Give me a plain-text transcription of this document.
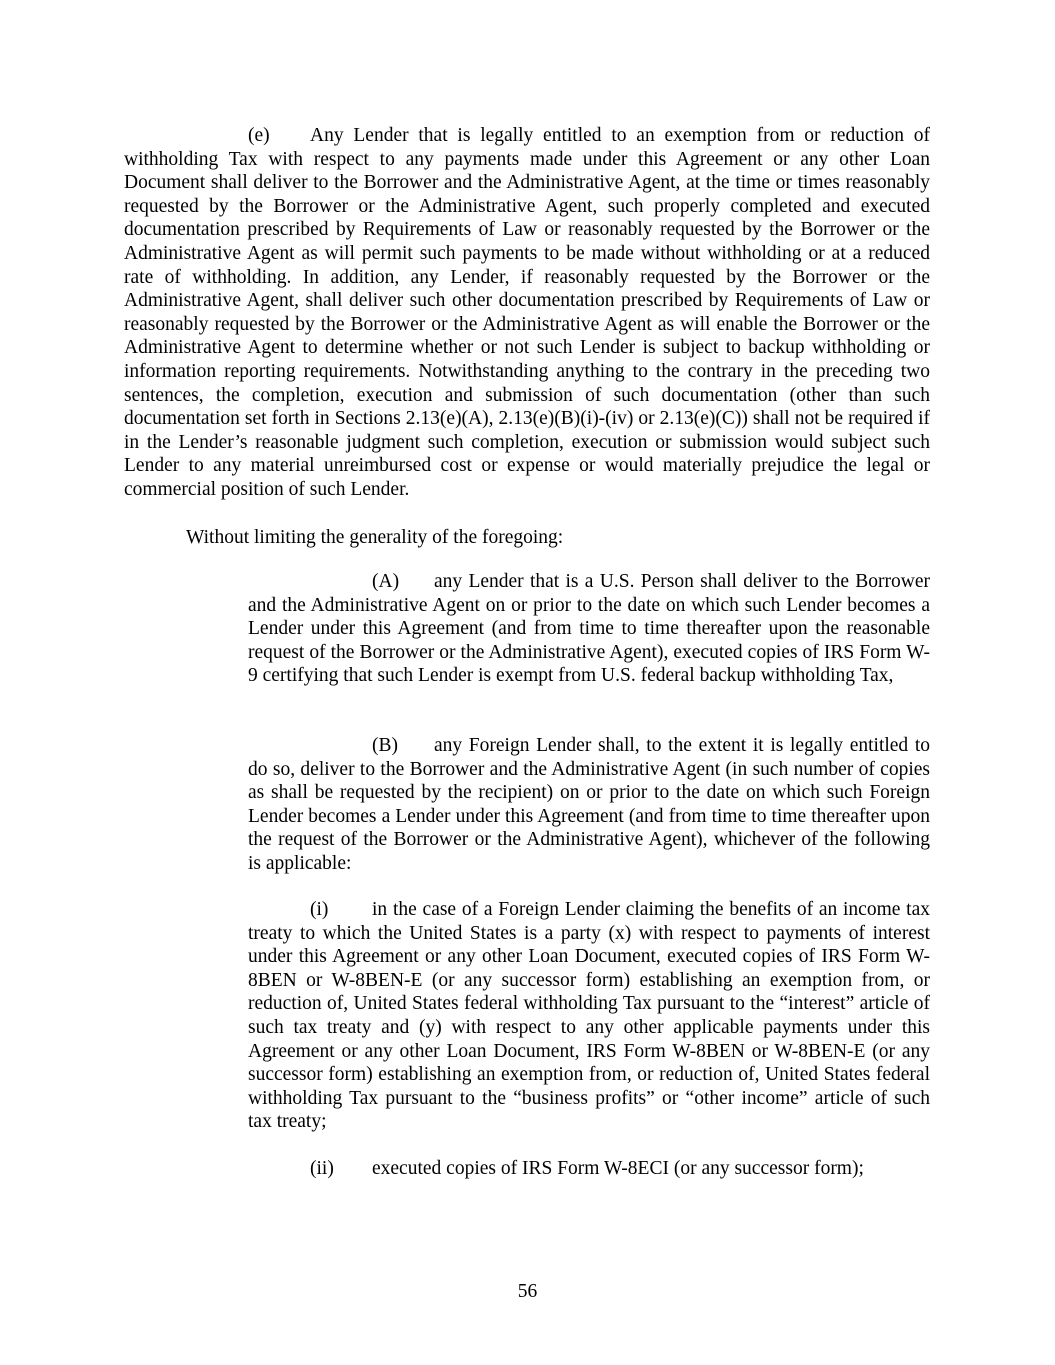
(e) Any Lender that is legally entitled to an exemption from or reduction of withholding Tax with respect to any payments made under this Agreement or any other Loan Document shall deliver to the Borrower and the Administrative Agent, at the time or times reasonably requested by the Borrower or the Administrative Agent, such properly completed and executed documentation prescribed by Requirements of Law or reasonably requested by the Borrower or the Administrative Agent as will permit such payments to be made without withholding or at a reduced rate of withholding. In addition, any Lender, if reasonably requested by the Borrower or the Administrative Agent, shall deliver such other documentation prescribed by Requirements of Law or reasonably requested by the Borrower or the Administrative Agent as will enable the Borrower or the Administrative Agent to determine whether or not such Lender is subject to backup withholding or information reporting requirements. Notwithstanding anything to the contrary in the preceding two sentences, the completion, execution and submission of such documentation (other than such documentation set forth in Sections 2.13(e)(A), 2.13(e)(B)(i)-(iv) or 2.13(e)(C)) shall not be required if in the Lender’s reasonable judgment such completion, execution or submission would subject such Lender to any material unreimbursed cost or expense or would materially prejudice the legal or commercial position of such Lender.

Without limiting the generality of the foregoing:

(A) any Lender that is a U.S. Person shall deliver to the Borrower and the Administrative Agent on or prior to the date on which such Lender becomes a Lender under this Agreement (and from time to time thereafter upon the reasonable request of the Borrower or the Administrative Agent), executed copies of IRS Form W-9 certifying that such Lender is exempt from U.S. federal backup withholding Tax,

(B) any Foreign Lender shall, to the extent it is legally entitled to do so, deliver to the Borrower and the Administrative Agent (in such number of copies as shall be requested by the recipient) on or prior to the date on which such Foreign Lender becomes a Lender under this Agreement (and from time to time thereafter upon the request of the Borrower or the Administrative Agent), whichever of the following is applicable:

(i) in the case of a Foreign Lender claiming the benefits of an income tax treaty to which the United States is a party (x) with respect to payments of interest under this Agreement or any other Loan Document, executed copies of IRS Form W-8BEN or W-8BEN-E (or any successor form) establishing an exemption from, or reduction of, United States federal withholding Tax pursuant to the “interest” article of such tax treaty and (y) with respect to any other applicable payments under this Agreement or any other Loan Document, IRS Form W-8BEN or W-8BEN-E (or any successor form) establishing an exemption from, or reduction of, United States federal withholding Tax pursuant to the “business profits” or “other income” article of such tax treaty;

(ii) executed copies of IRS Form W-8ECI (or any successor form);

56
